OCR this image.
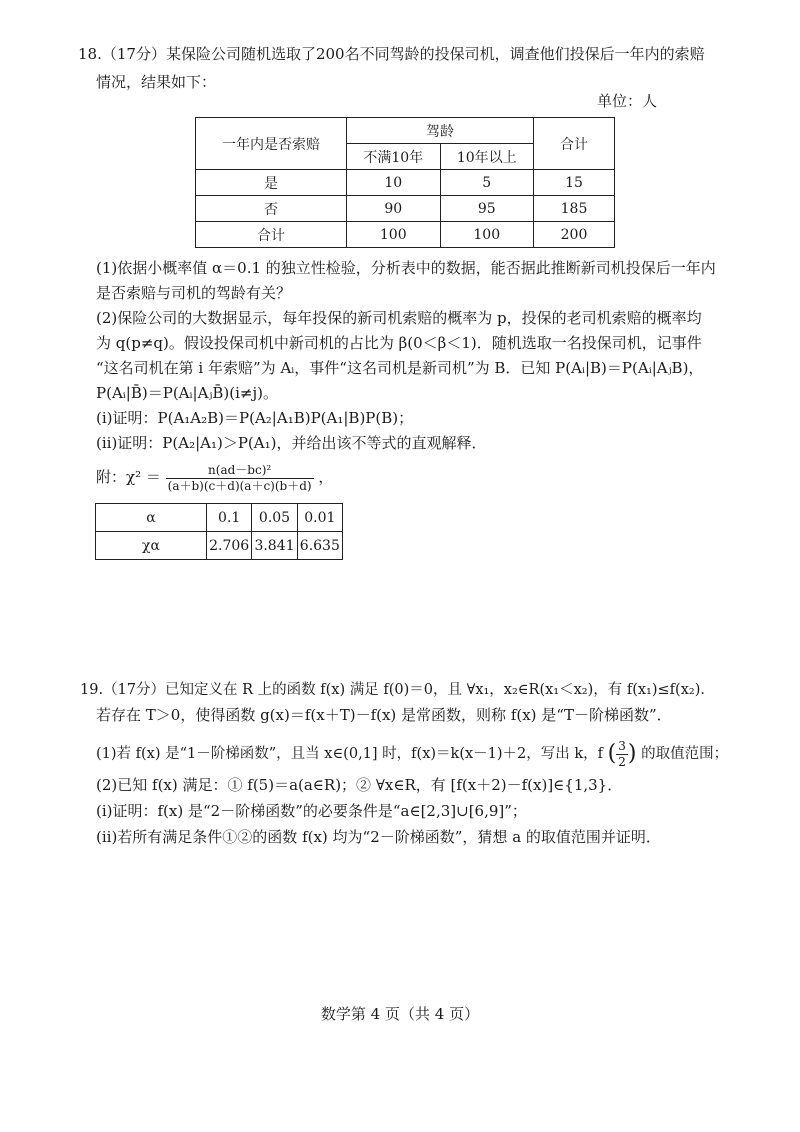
18.（17分）某保险公司随机选取了200名不同驾龄的投保司机，调查他们投保后一年内的索赔
情况，结果如下：
单位：人
一年内是否索赔	驾龄		合计
	不满10年	10年以上	
是	10	5	15
否	90	95	185
合计	100	100	200
(1)依据小概率值 α＝0.1 的独立性检验，分析表中的数据，能否据此推断新司机投保后一年内
是否索赔与司机的驾龄有关？
(2)保险公司的大数据显示，每年投保的新司机索赔的概率为 p，投保的老司机索赔的概率均
为 q(p≠q)。假设投保司机中新司机的占比为 β(0＜β＜1)．随机选取一名投保司机，记事件
“这名司机在第 i 年索赔”为 Aᵢ，事件“这名司机是新司机”为 B．已知 P(Aᵢ|B)＝P(Aᵢ|AⱼB)，
P(Aᵢ|B̄)＝P(Aᵢ|AⱼB̄)(i≠j)。
(ⅰ)证明：P(A₁A₂B)＝P(A₂|A₁B)P(A₁|B)P(B)；
(ⅱ)证明：P(A₂|A₁)＞P(A₁)，并给出该不等式的直观解释．
附：$\chi^2 = \frac{\text{n(ad－bc)²}}{(a+b)(c+d)(a+c)(b+d)}$ ，
α	0.1	0.05	0.01
χα	2.706	3.841	6.635
19.（17分）已知定义在 R 上的函数 f(x) 满足 f(0)＝0，且 ∀x₁，x₂∈R(x₁＜x₂)，有 f(x₁)≤f(x₂)．
若存在 T＞0，使得函数 g(x)＝f(x＋T)－f(x) 是常函数，则称 f(x) 是“T－阶梯函数”．
(1)若 f(x) 是“1－阶梯函数”，且当 x∈(0,1] 时，f(x)＝k(x－1)＋2，写出 k，f ( $\frac{3}{2}$ ) 的取值范围；
(2)已知 f(x) 满足：① f(5)＝a(a∈R)；② ∀x∈R，有 [f(x＋2)－f(x)]∈{1,3}．
(ⅰ)证明：f(x) 是“2－阶梯函数”的必要条件是“a∈[2,3]∪[6,9]”；
(ⅱ)若所有满足条件①②的函数 f(x) 均为“2－阶梯函数”，猜想 a 的取值范围并证明．
数学第 4 页（共 4 页）
